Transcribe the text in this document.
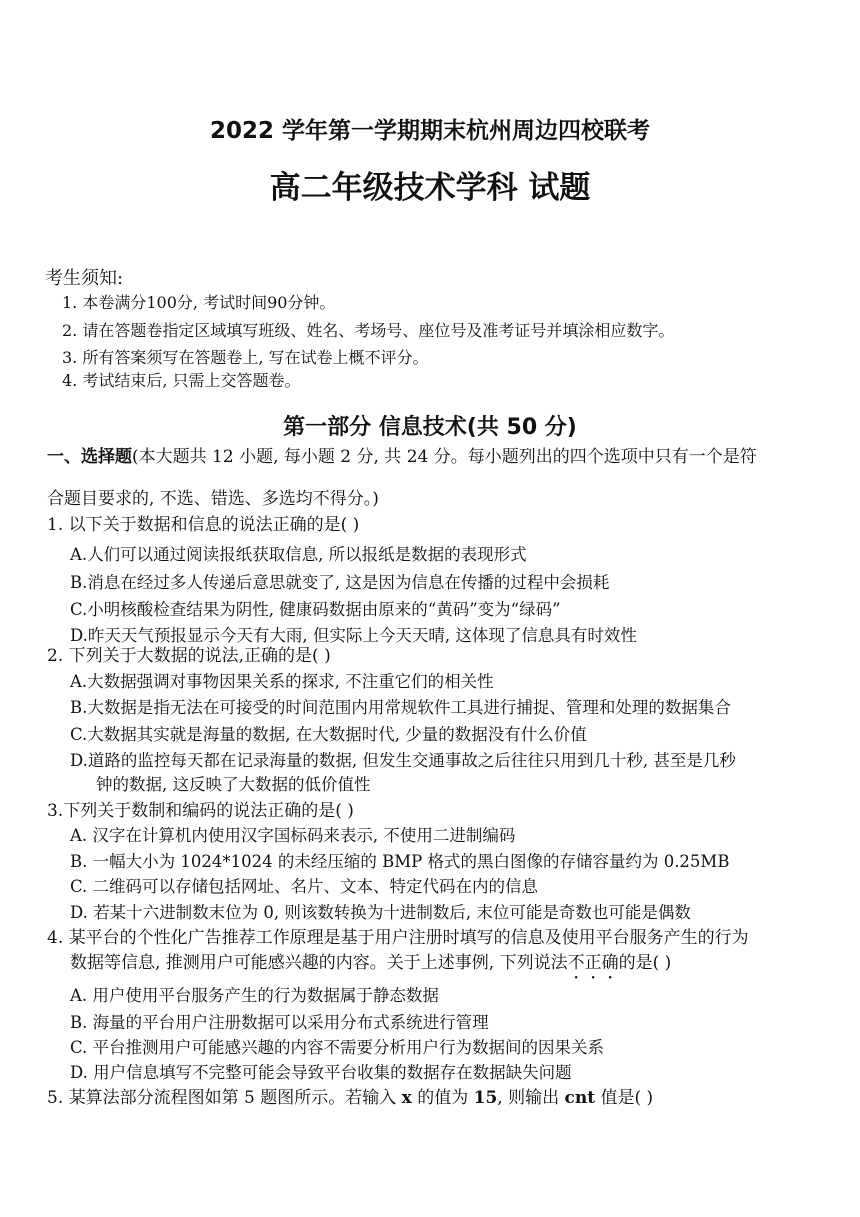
2022 学年第一学期期末杭州周边四校联考
高二年级技术学科 试题
考生须知:
1. 本卷满分100分, 考试时间90分钟。
2. 请在答题卷指定区域填写班级、姓名、考场号、座位号及准考证号并填涂相应数字。
3. 所有答案须写在答题卷上, 写在试卷上概不评分。
4. 考试结束后, 只需上交答题卷。
第一部分 信息技术(共 50 分)
一、选择题(本大题共 12 小题, 每小题 2 分, 共 24 分。每小题列出的四个选项中只有一个是符
合题目要求的, 不选、错选、多选均不得分。)
1. 以下关于数据和信息的说法正确的是( )
A.人们可以通过阅读报纸获取信息, 所以报纸是数据的表现形式
B.消息在经过多人传递后意思就变了, 这是因为信息在传播的过程中会损耗
C.小明核酸检查结果为阴性, 健康码数据由原来的“黄码”变为“绿码”
D.昨天天气预报显示今天有大雨, 但实际上今天天晴, 这体现了信息具有时效性
2. 下列关于大数据的说法,正确的是( )
A.大数据强调对事物因果关系的探求, 不注重它们的相关性
B.大数据是指无法在可接受的时间范围内用常规软件工具进行捕捉、管理和处理的数据集合
C.大数据其实就是海量的数据, 在大数据时代, 少量的数据没有什么价值
D.道路的监控每天都在记录海量的数据, 但发生交通事故之后往往只用到几十秒, 甚至是几秒
钟的数据, 这反映了大数据的低价值性
3.下列关于数制和编码的说法正确的是( )
A. 汉字在计算机内使用汉字国标码来表示, 不使用二进制编码
B. 一幅大小为 1024*1024 的未经压缩的 BMP 格式的黑白图像的存储容量约为 0.25MB
C. 二维码可以存储包括网址、名片、文本、特定代码在内的信息
D. 若某十六进制数末位为 0, 则该数转换为十进制数后, 末位可能是奇数也可能是偶数
4. 某平台的个性化广告推荐工作原理是基于用户注册时填写的信息及使用平台服务产生的行为
数据等信息, 推测用户可能感兴趣的内容。关于上述事例, 下列说法不正确的是( )
A. 用户使用平台服务产生的行为数据属于静态数据
B. 海量的平台用户注册数据可以采用分布式系统进行管理
C. 平台推测用户可能感兴趣的内容不需要分析用户行为数据间的因果关系
D. 用户信息填写不完整可能会导致平台收集的数据存在数据缺失问题
5. 某算法部分流程图如第 5 题图所示。若输入 x 的值为 15, 则输出 cnt 值是( )
